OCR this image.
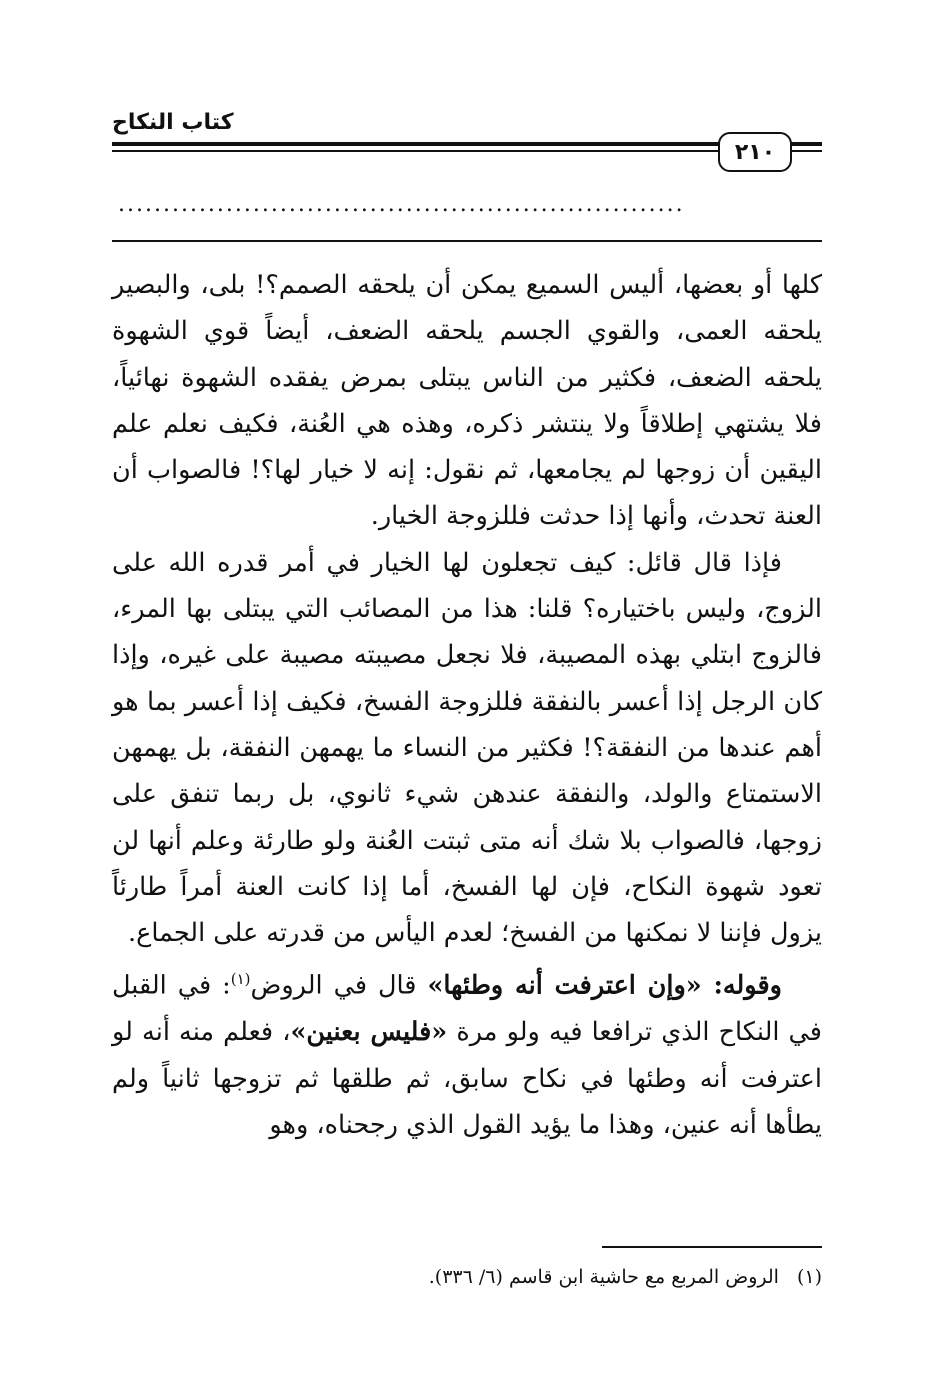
كتاب النكاح
٢١٠
...............................................................

كلها أو بعضها، أليس السميع يمكن أن يلحقه الصمم؟! بلى، والبصير يلحقه العمى، والقوي الجسم يلحقه الضعف، أيضاً قوي الشهوة يلحقه الضعف، فكثير من الناس يبتلى بمرض يفقده الشهوة نهائياً، فلا يشتهي إطلاقاً ولا ينتشر ذكره، وهذه هي العُنة، فكيف نعلم علم اليقين أن زوجها لم يجامعها، ثم نقول: إنه لا خيار لها؟! فالصواب أن العنة تحدث، وأنها إذا حدثت فللزوجة الخيار.

فإذا قال قائل: كيف تجعلون لها الخيار في أمر قدره الله على الزوج، وليس باختياره؟ قلنا: هذا من المصائب التي يبتلى بها المرء، فالزوج ابتلي بهذه المصيبة، فلا نجعل مصيبته مصيبة على غيره، وإذا كان الرجل إذا أعسر بالنفقة فللزوجة الفسخ، فكيف إذا أعسر بما هو أهم عندها من النفقة؟! فكثير من النساء ما يهمهن النفقة، بل يهمهن الاستمتاع والولد، والنفقة عندهن شيء ثانوي، بل ربما تنفق على زوجها، فالصواب بلا شك أنه متى ثبتت العُنة ولو طارئة وعلم أنها لن تعود شهوة النكاح، فإن لها الفسخ، أما إذا كانت العنة أمراً طارئاً يزول فإننا لا نمكنها من الفسخ؛ لعدم اليأس من قدرته على الجماع.

وقوله: «وإن اعترفت أنه وطئها» قال في الروض$^{(١)}$: في القبل في النكاح الذي ترافعا فيه ولو مرة «فليس بعنين»، فعلم منه أنه لو اعترفت أنه وطئها في نكاح سابق، ثم طلقها ثم تزوجها ثانياً ولم يطأها أنه عنين، وهذا ما يؤيد القول الذي رجحناه، وهو

(١)الروض المربع مع حاشية ابن قاسم (٦/ ٣٣٦).
